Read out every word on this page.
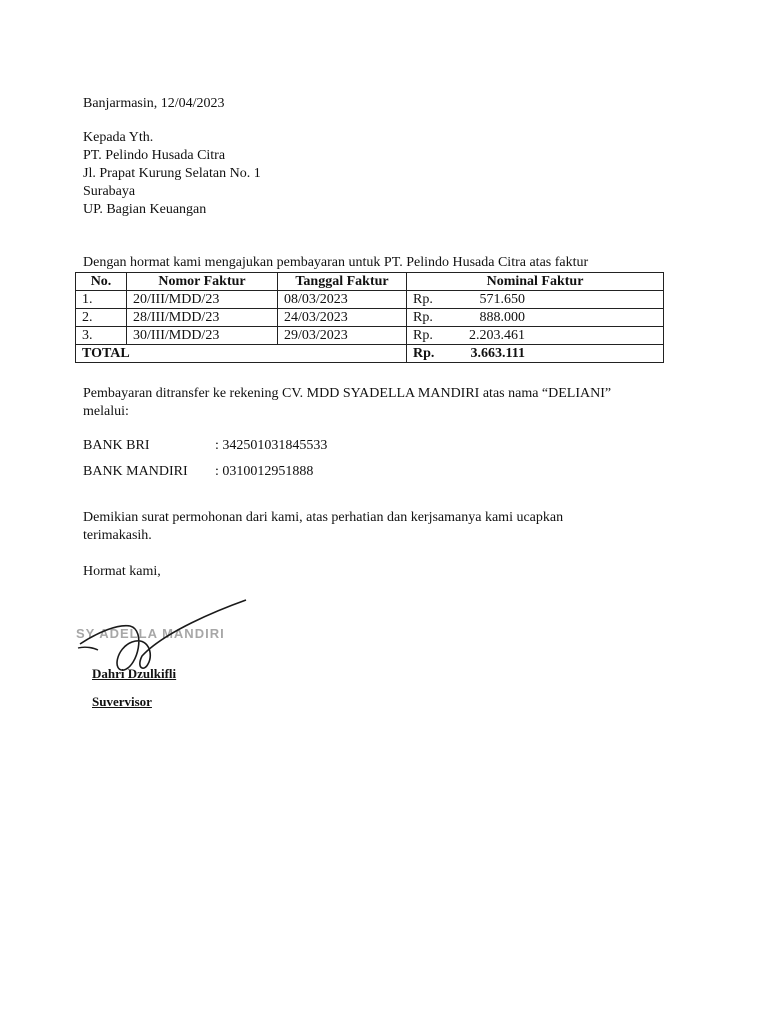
Banjarmasin, 12/04/2023
Kepada Yth.
PT. Pelindo Husada Citra
Jl. Prapat Kurung Selatan No. 1
Surabaya
UP. Bagian Keuangan
Dengan hormat kami mengajukan pembayaran untuk PT. Pelindo Husada Citra atas faktur
No.	Nomor Faktur	Tanggal Faktur	Nominal Faktur
1.	20/III/MDD/23	08/03/2023	Rp. 571.650
2.	28/III/MDD/23	24/03/2023	Rp. 888.000
3.	30/III/MDD/23	29/03/2023	Rp. 2.203.461
TOTAL			Rp. 3.663.111
Pembayaran ditransfer ke rekening CV. MDD SYADELLA MANDIRI atas nama “DELIANI”
melalui:
BANK BRI	: 342501031845533
BANK MANDIRI : 0310012951888
Demikian surat permohonan dari kami, atas perhatian dan kerjsamanya kami ucapkan
terimakasih.
Hormat kami,
SY ADELLA MANDIRI
Dahri Dzulkifli
Suvervisor
